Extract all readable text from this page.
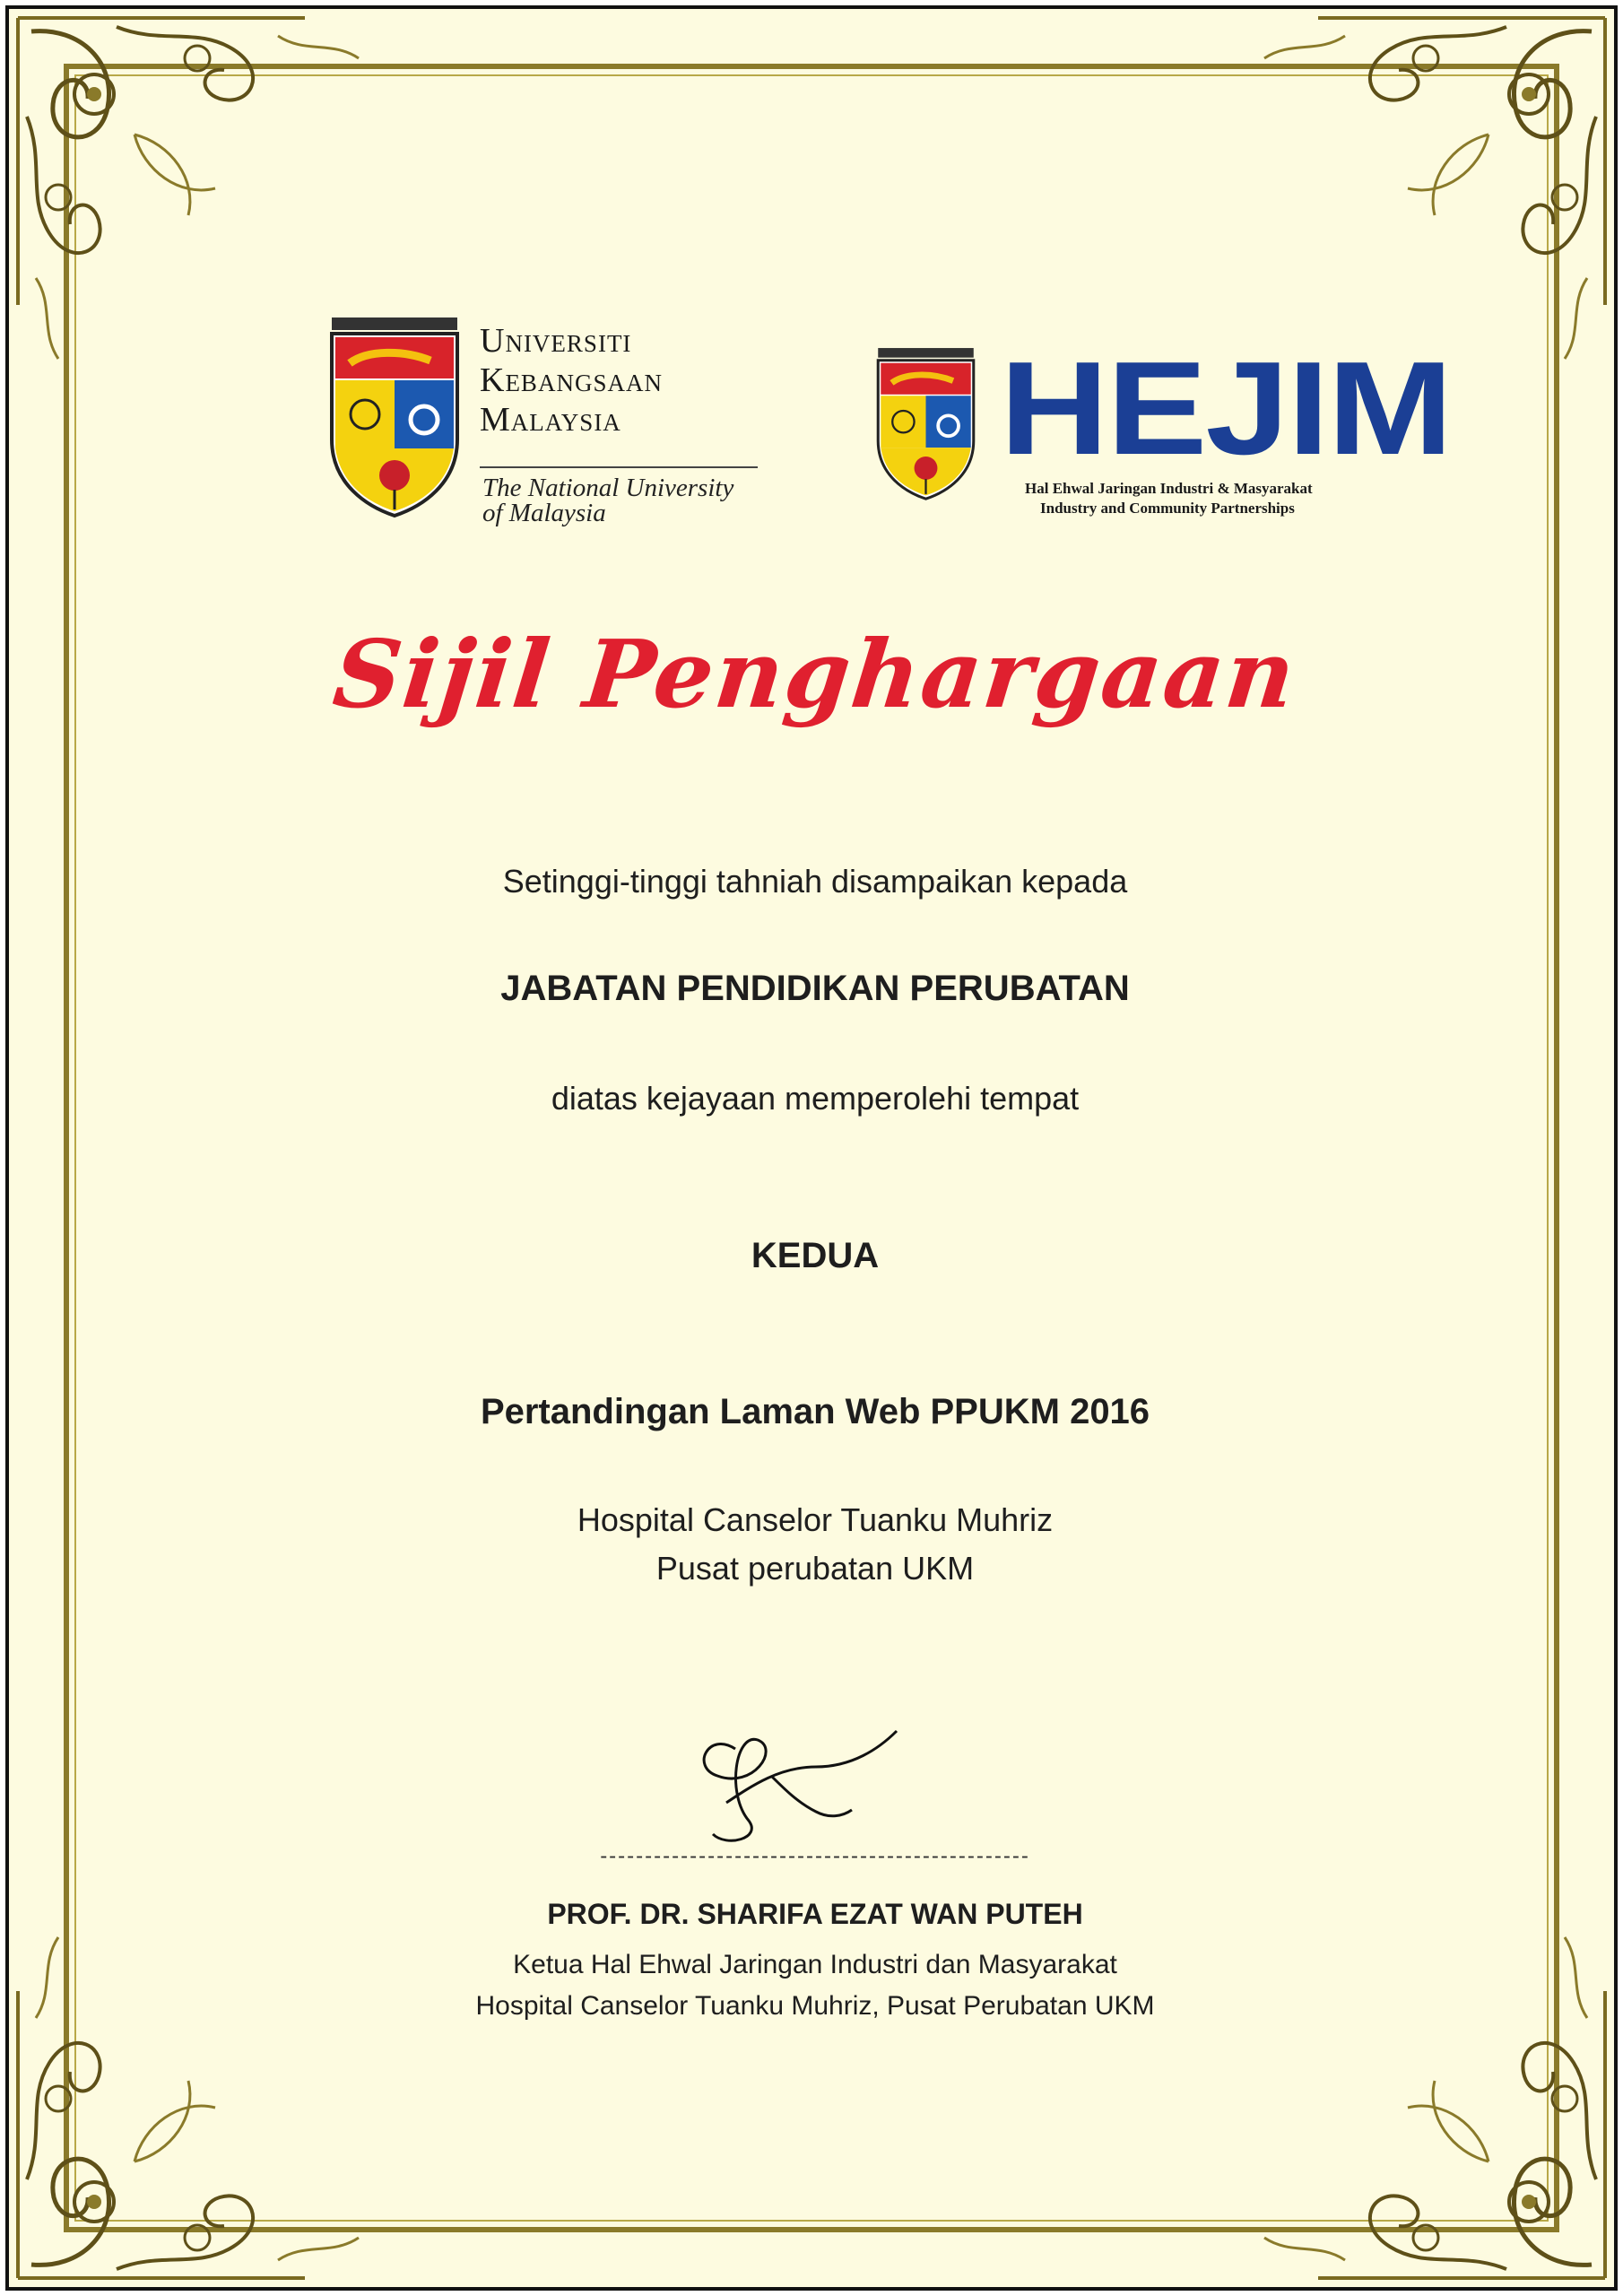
Universiti
Kebangsaan
Malaysia
The National University
of Malaysia
HEJIM
Hal Ehwal Jaringan Industri & Masyarakat
Industry and Community Partnerships
Sijil Penghargaan
Setinggi-tinggi tahniah disampaikan kepada
JABATAN PENDIDIKAN PERUBATAN
diatas kejayaan memperolehi tempat
KEDUA
Pertandingan Laman Web PPUKM 2016
Hospital Canselor Tuanku Muhriz
Pusat perubatan UKM
------------------------------------------------
PROF. DR. SHARIFA EZAT WAN PUTEH
Ketua Hal Ehwal Jaringan Industri dan Masyarakat
Hospital Canselor Tuanku Muhriz, Pusat Perubatan UKM
